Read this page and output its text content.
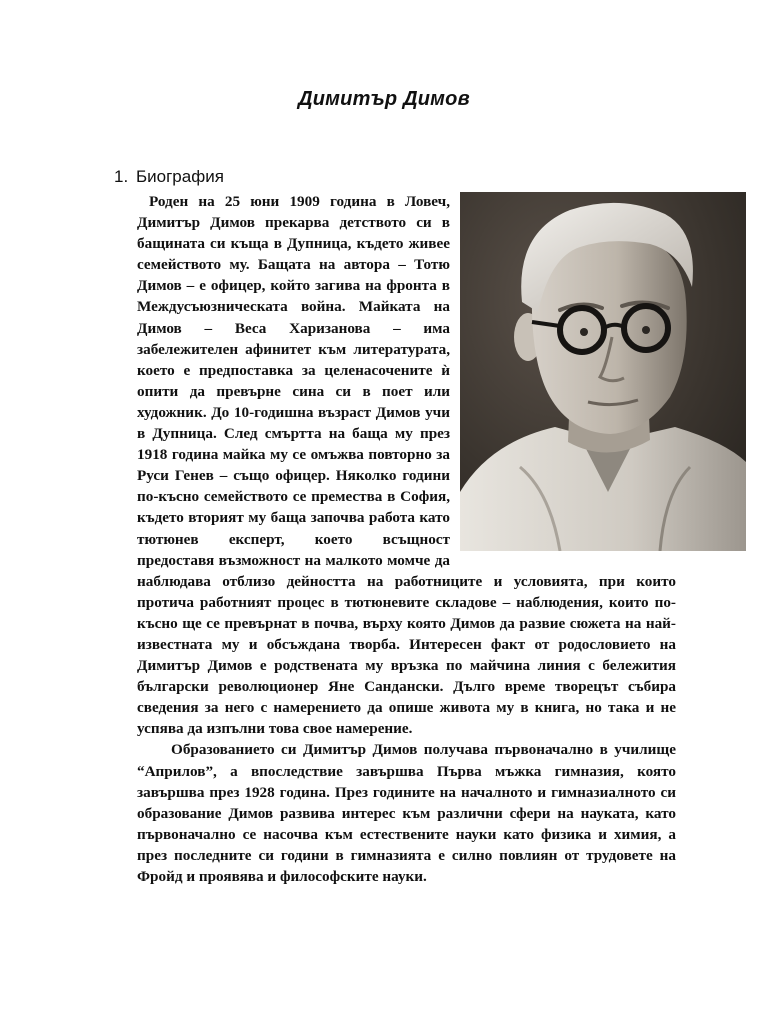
Димитър Димов
1. Биография

Роден на 25 юни 1909 година в Ловеч, Димитър Димов прекарва детството си в бащината си къща в Дупница, където живее семейството му. Бащата на автора – Тотю Димов – е офицер, който загива на фронта в Междусъюзническата война. Майката на Димов – Веса Харизанова – има забележителен афинитет към литературата, което е предпоставка за целенасочените ѝ опити да превърне сина си в поет или художник. До 10-годишна възраст Димов учи в Дупница. След смъртта на баща му през 1918 година майка му се омъжва повторно за Руси Генев – също офицер. Няколко години по-късно семейството се премества в София, където вторият му баща започва работа като тютюнев експерт, което всъщност предоставя възможност на малкото момче да наблюдава отблизо дейността на работниците и условията, при които протича работният процес в тютюневите складове – наблюдения, които по-късно ще се превърнат в почва, върху която Димов да развие сюжета на най-известната му и обсъждана творба. Интересен факт от родословието на Димитър Димов е родствената му връзка по майчина линия с бележития български революционер Яне Сандански. Дълго време творецът събира сведения за него с намерението да опише живота му в книга, но така и не успява да изпълни това свое намерение.

Образованието си Димитър Димов получава първоначално в училище “Априлов”, а впоследствие завършва Първа мъжка гимназия, която завършва през 1928 година. През годините на началното и гимназиалното си образование Димов развива интерес към различни сфери на науката, като първоначално се насочва към естествените науки като физика и химия, а през последните си години в гимназията е силно повлиян от трудовете на Фройд и проявява и философските науки.
